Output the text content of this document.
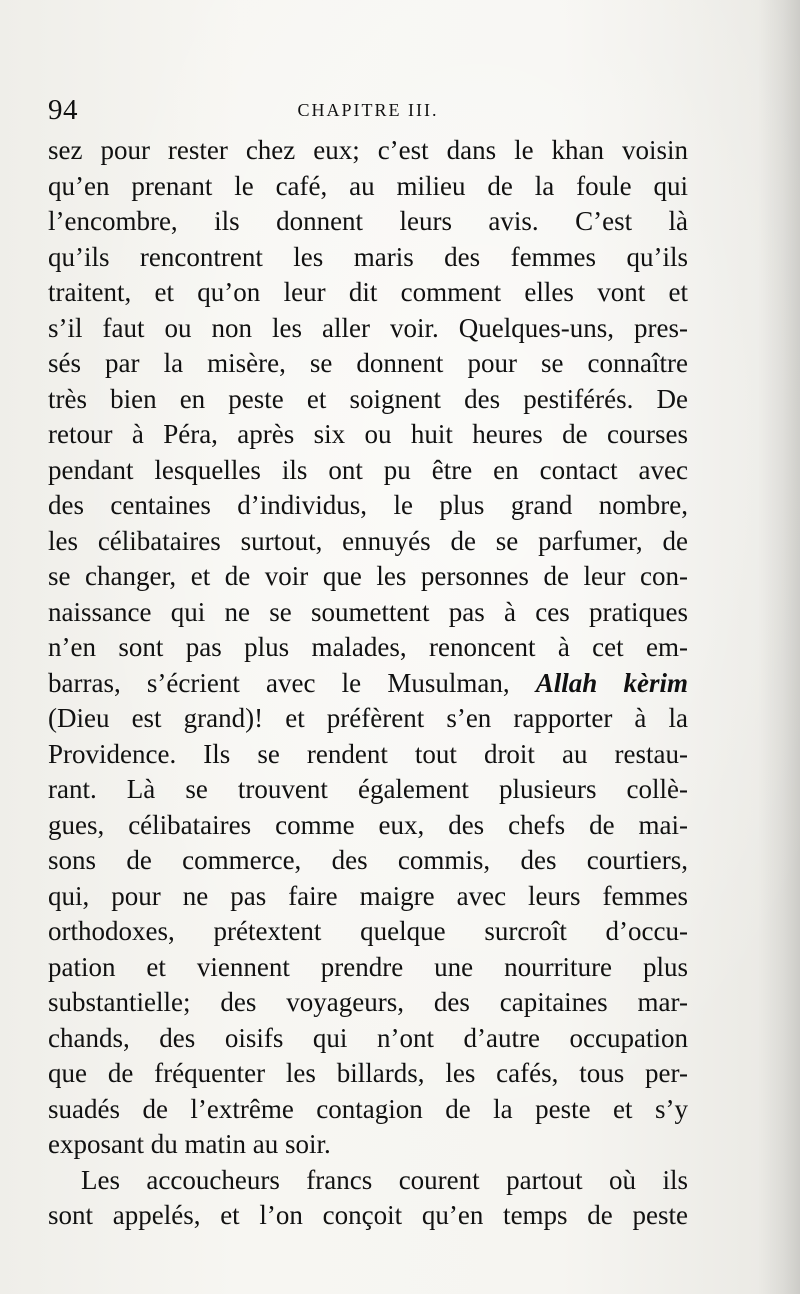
94	CHAPITRE III.
sez pour rester chez eux; c’est dans le khan voisin
qu’en prenant le café, au milieu de la foule qui
l’encombre, ils donnent leurs avis. C’est là
qu’ils rencontrent les maris des femmes qu’ils
traitent, et qu’on leur dit comment elles vont et
s’il faut ou non les aller voir. Quelques-uns, pres-
sés par la misère, se donnent pour se connaître
très bien en peste et soignent des pestiférés. De
retour à Péra, après six ou huit heures de courses
pendant lesquelles ils ont pu être en contact avec
des centaines d’individus, le plus grand nombre,
les célibataires surtout, ennuyés de se parfumer, de
se changer, et de voir que les personnes de leur con-
naissance qui ne se soumettent pas à ces pratiques
n’en sont pas plus malades, renoncent à cet em-
barras, s’écrient avec le Musulman, Allah kèrim
(Dieu est grand)! et préfèrent s’en rapporter à la
Providence. Ils se rendent tout droit au restau-
rant. Là se trouvent également plusieurs collè-
gues, célibataires comme eux, des chefs de mai-
sons de commerce, des commis, des courtiers,
qui, pour ne pas faire maigre avec leurs femmes
orthodoxes, prétextent quelque surcroît d’occu-
pation et viennent prendre une nourriture plus
substantielle; des voyageurs, des capitaines mar-
chands, des oisifs qui n’ont d’autre occupation
que de fréquenter les billards, les cafés, tous per-
suadés de l’extrême contagion de la peste et s’y
exposant du matin au soir.
Les accoucheurs francs courent partout où ils
sont appelés, et l’on conçoit qu’en temps de peste
